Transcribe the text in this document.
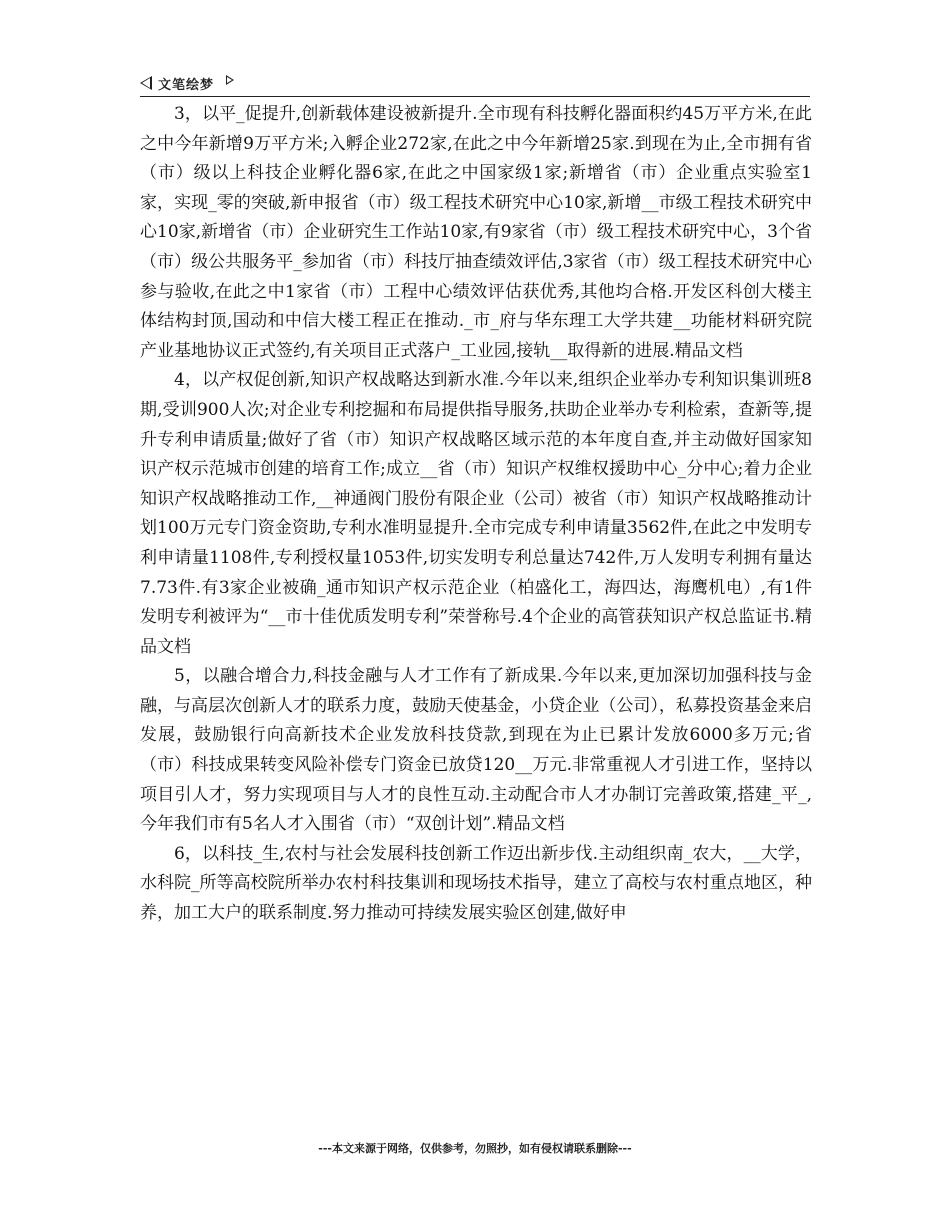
文笔绘梦

3，以平_促提升,创新载体建设被新提升.全市现有科技孵化器面积约45万平方米,在此之中今年新增9万平方米;入孵企业272家,在此之中今年新增25家.到现在为止,全市拥有省（市）级以上科技企业孵化器6家,在此之中国家级1家;新增省（市）企业重点实验室1家，实现_零的突破,新申报省（市）级工程技术研究中心10家,新增__市级工程技术研究中心10家,新增省（市）企业研究生工作站10家,有9家省（市）级工程技术研究中心，3个省（市）级公共服务平_参加省（市）科技厅抽查绩效评估,3家省（市）级工程技术研究中心参与验收,在此之中1家省（市）工程中心绩效评估获优秀,其他均合格.开发区科创大楼主体结构封顶,国动和中信大楼工程正在推动._市_府与华东理工大学共建__功能材料研究院产业基地协议正式签约,有关项目正式落户_工业园,接轨__取得新的进展.精品文档

4，以产权促创新,知识产权战略达到新水准.今年以来,组织企业举办专利知识集训班8期,受训900人次;对企业专利挖掘和布局提供指导服务,扶助企业举办专利检索，查新等,提升专利申请质量;做好了省（市）知识产权战略区域示范的本年度自查,并主动做好国家知识产权示范城市创建的培育工作;成立__省（市）知识产权维权援助中心_分中心;着力企业知识产权战略推动工作,__神通阀门股份有限企业（公司）被省（市）知识产权战略推动计划100万元专门资金资助,专利水准明显提升.全市完成专利申请量3562件,在此之中发明专利申请量1108件,专利授权量1053件,切实发明专利总量达742件,万人发明专利拥有量达7.73件.有3家企业被确_通市知识产权示范企业（柏盛化工，海四达，海鹰机电）,有1件发明专利被评为“__市十佳优质发明专利”荣誉称号.4个企业的高管获知识产权总监证书.精品文档

5，以融合增合力,科技金融与人才工作有了新成果.今年以来,更加深切加强科技与金融，与高层次创新人才的联系力度，鼓励天使基金，小贷企业（公司），私募投资基金来启发展，鼓励银行向高新技术企业发放科技贷款,到现在为止已累计发放6000多万元;省（市）科技成果转变风险补偿专门资金已放贷120__万元.非常重视人才引进工作，坚持以项目引人才，努力实现项目与人才的良性互动.主动配合市人才办制订完善政策,搭建_平_,今年我们市有5名人才入围省（市）“双创计划”.精品文档

6，以科技_生,农村与社会发展科技创新工作迈出新步伐.主动组织南_农大，__大学，水科院_所等高校院所举办农村科技集训和现场技术指导，建立了高校与农村重点地区，种养，加工大户的联系制度.努力推动可持续发展实验区创建,做好申

---本文来源于网络，仅供参考，勿照抄，如有侵权请联系删除---
